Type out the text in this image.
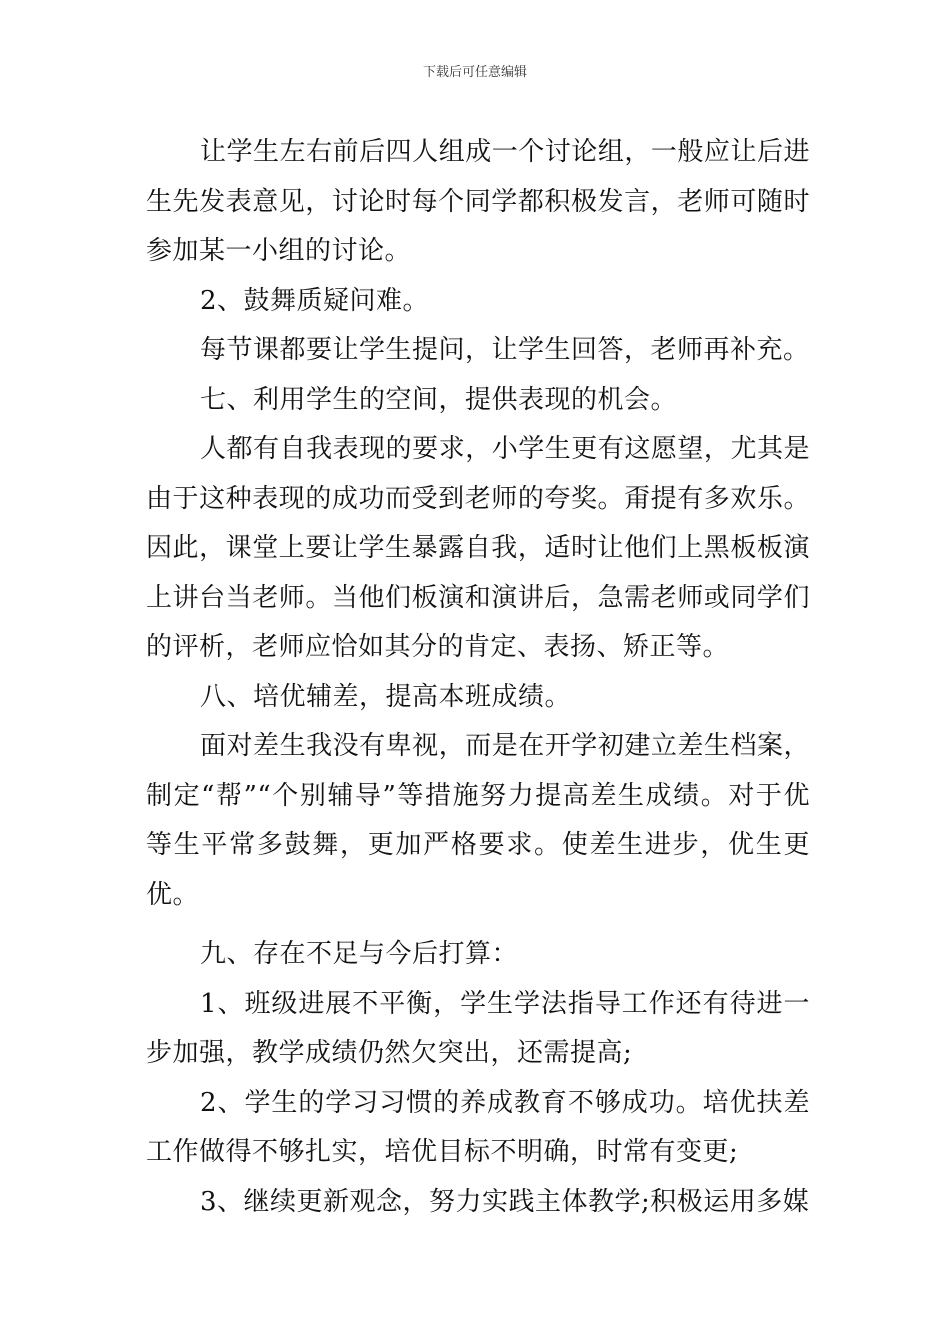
下载后可任意编辑

让学生左右前后四人组成一个讨论组，一般应让后进生先发表意见，讨论时每个同学都积极发言，老师可随时参加某一小组的讨论。

2、鼓舞质疑问难。

每节课都要让学生提问，让学生回答，老师再补充。

七、利用学生的空间，提供表现的机会。

人都有自我表现的要求，小学生更有这愿望，尤其是由于这种表现的成功而受到老师的夸奖。甭提有多欢乐。因此，课堂上要让学生暴露自我，适时让他们上黑板板演上讲台当老师。当他们板演和演讲后，急需老师或同学们的评析，老师应恰如其分的肯定、表扬、矫正等。

八、培优辅差，提高本班成绩。

面对差生我没有卑视，而是在开学初建立差生档案，制定“帮”“个别辅导”等措施努力提高差生成绩。对于优等生平常多鼓舞，更加严格要求。使差生进步，优生更优。

九、存在不足与今后打算：

1、班级进展不平衡，学生学法指导工作还有待进一步加强，教学成绩仍然欠突出，还需提高;

2、学生的学习习惯的养成教育不够成功。培优扶差工作做得不够扎实，培优目标不明确，时常有变更;

3、继续更新观念，努力实践主体教学;积极运用多媒
